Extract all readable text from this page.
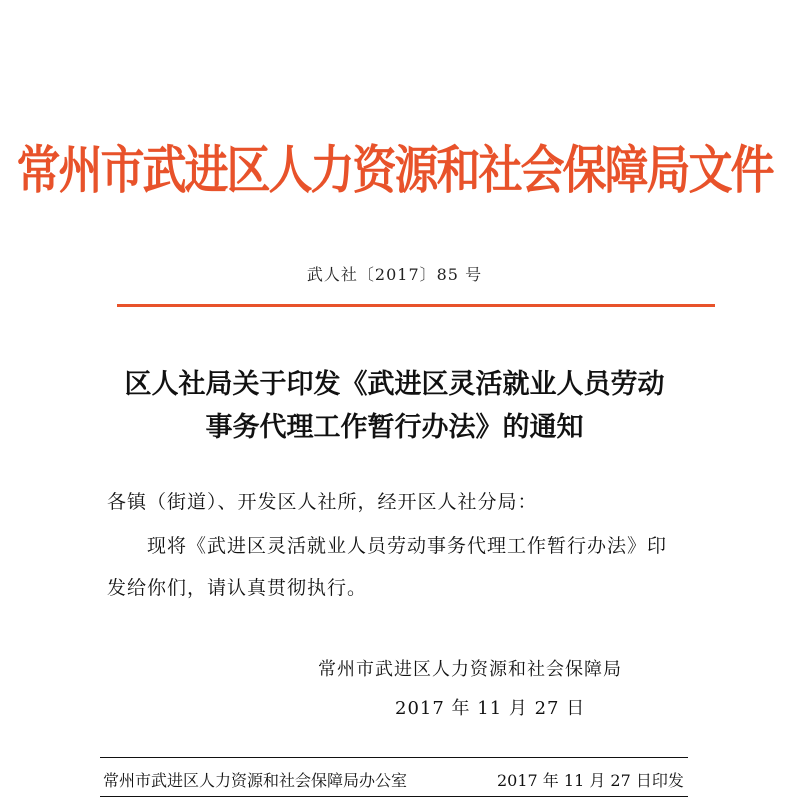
常州市武进区人力资源和社会保障局文件
武人社〔2017〕85 号
区人社局关于印发《武进区灵活就业人员劳动
事务代理工作暂行办法》的通知
各镇（街道）、开发区人社所，经开区人社分局：
现将《武进区灵活就业人员劳动事务代理工作暂行办法》印
发给你们，请认真贯彻执行。
常州市武进区人力资源和社会保障局
2017 年 11 月 27 日
常州市武进区人力资源和社会保障局办公室	2017 年 11 月 27 日印发
